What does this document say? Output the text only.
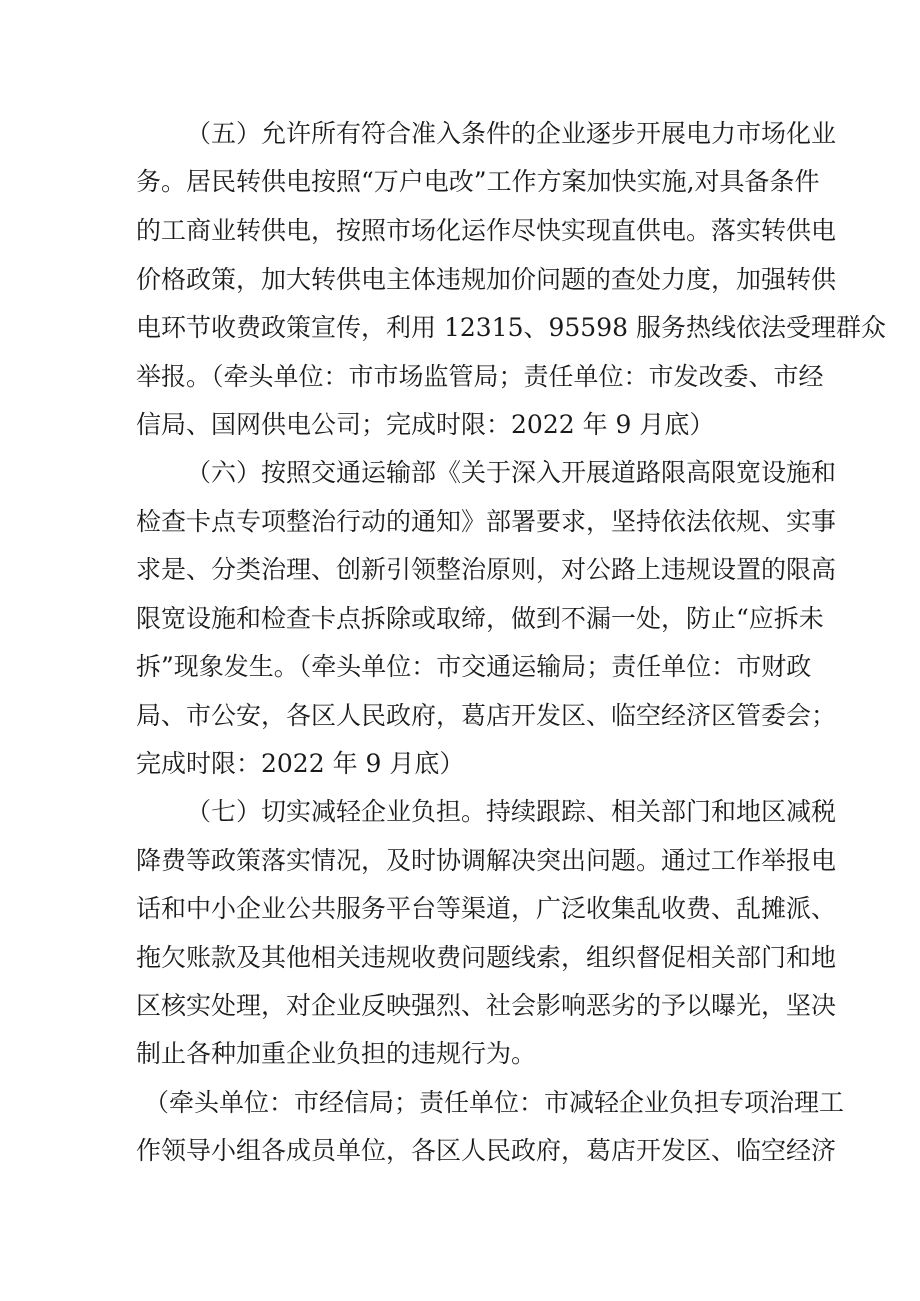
（五）允许所有符合准入条件的企业逐步开展电力市场化业
务。居民转供电按照“万户电改”工作方案加快实施,对具备条件
的工商业转供电，按照市场化运作尽快实现直供电。落实转供电
价格政策，加大转供电主体违规加价问题的查处力度，加强转供
电环节收费政策宣传，利用 12315、95598 服务热线依法受理群众
举报。（牵头单位：市市场监管局；责任单位：市发改委、市经
信局、国网供电公司；完成时限：2022 年 9 月底）
（六）按照交通运输部《关于深入开展道路限高限宽设施和
检查卡点专项整治行动的通知》部署要求，坚持依法依规、实事
求是、分类治理、创新引领整治原则，对公路上违规设置的限高
限宽设施和检查卡点拆除或取缔，做到不漏一处，防止“应拆未
拆”现象发生。（牵头单位：市交通运输局；责任单位：市财政
局、市公安，各区人民政府，葛店开发区、临空经济区管委会；
完成时限：2022 年 9 月底）
（七）切实减轻企业负担。持续跟踪、相关部门和地区减税
降费等政策落实情况，及时协调解决突出问题。通过工作举报电
话和中小企业公共服务平台等渠道，广泛收集乱收费、乱摊派、
拖欠账款及其他相关违规收费问题线索，组织督促相关部门和地
区核实处理，对企业反映强烈、社会影响恶劣的予以曝光，坚决
制止各种加重企业负担的违规行为。
（牵头单位：市经信局；责任单位：市减轻企业负担专项治理工
作领导小组各成员单位，各区人民政府，葛店开发区、临空经济
